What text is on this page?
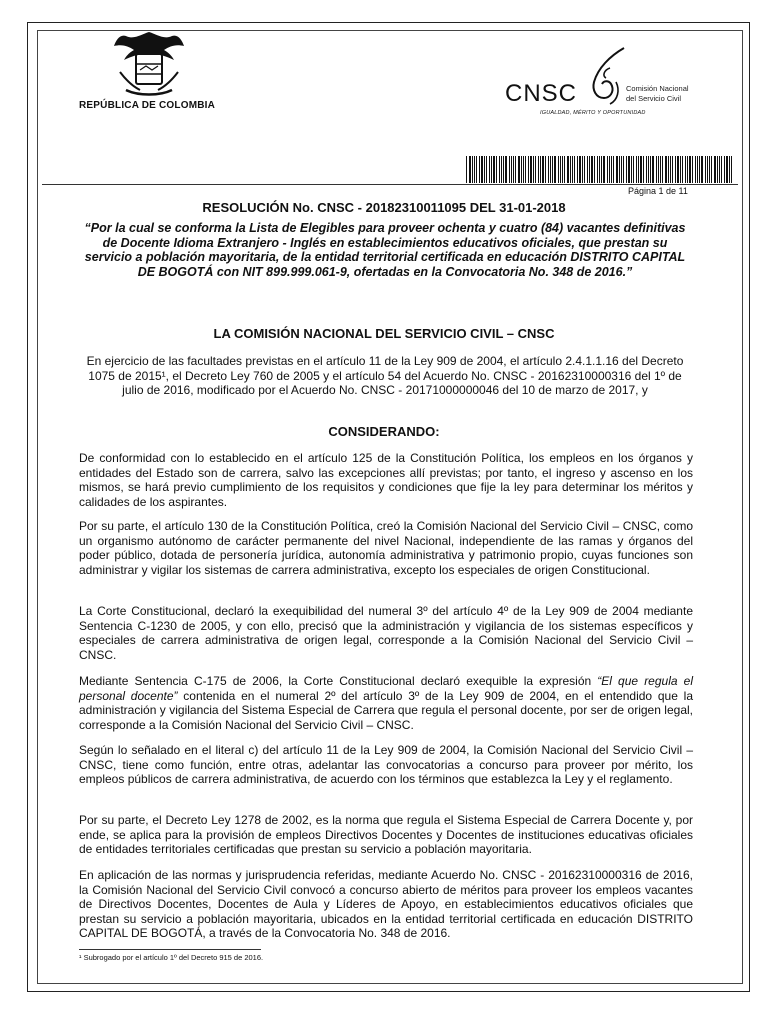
REPÚBLICA DE COLOMBIA	CNSC	Comisión Nacional
del Servicio Civil
IGUALDAD, MÉRITO Y OPORTUNIDAD
Página 1 de 11
RESOLUCIÓN No. CNSC - 20182310011095 DEL 31-01-2018
“Por la cual se conforma la Lista de Elegibles para proveer ochenta y cuatro (84) vacantes definitivas de Docente Idioma Extranjero - Inglés en establecimientos educativos oficiales, que prestan su servicio a población mayoritaria, de la entidad territorial certificada en educación DISTRITO CAPITAL DE BOGOTÁ con NIT 899.999.061-9, ofertadas en la Convocatoria No. 348 de 2016.”
LA COMISIÓN NACIONAL DEL SERVICIO CIVIL – CNSC
En ejercicio de las facultades previstas en el artículo 11 de la Ley 909 de 2004, el artículo 2.4.1.1.16 del Decreto 1075 de 2015¹, el Decreto Ley 760 de 2005 y el artículo 54 del Acuerdo No. CNSC - 20162310000316 del 1º de julio de 2016, modificado por el Acuerdo No. CNSC - 20171000000046 del 10 de marzo de 2017, y
CONSIDERANDO:
De conformidad con lo establecido en el artículo 125 de la Constitución Política, los empleos en los órganos y entidades del Estado son de carrera, salvo las excepciones allí previstas; por tanto, el ingreso y ascenso en los mismos, se hará previo cumplimiento de los requisitos y condiciones que fije la ley para determinar los méritos y calidades de los aspirantes.
Por su parte, el artículo 130 de la Constitución Política, creó la Comisión Nacional del Servicio Civil – CNSC, como un organismo autónomo de carácter permanente del nivel Nacional, independiente de las ramas y órganos del poder público, dotada de personería jurídica, autonomía administrativa y patrimonio propio, cuyas funciones son administrar y vigilar los sistemas de carrera administrativa, excepto los especiales de origen Constitucional.
La Corte Constitucional, declaró la exequibilidad del numeral 3º del artículo 4º de la Ley 909 de 2004 mediante Sentencia C-1230 de 2005, y con ello, precisó que la administración y vigilancia de los sistemas específicos y especiales de carrera administrativa de origen legal, corresponde a la Comisión Nacional del Servicio Civil – CNSC.
Mediante Sentencia C-175 de 2006, la Corte Constitucional declaró exequible la expresión “El que regula el personal docente” contenida en el numeral 2º del artículo 3º de la Ley 909 de 2004, en el entendido que la administración y vigilancia del Sistema Especial de Carrera que regula el personal docente, por ser de origen legal, corresponde a la Comisión Nacional del Servicio Civil – CNSC.
Según lo señalado en el literal c) del artículo 11 de la Ley 909 de 2004, la Comisión Nacional del Servicio Civil – CNSC, tiene como función, entre otras, adelantar las convocatorias a concurso para proveer por mérito, los empleos públicos de carrera administrativa, de acuerdo con los términos que establezca la Ley y el reglamento.
Por su parte, el Decreto Ley 1278 de 2002, es la norma que regula el Sistema Especial de Carrera Docente y, por ende, se aplica para la provisión de empleos Directivos Docentes y Docentes de instituciones educativas oficiales de entidades territoriales certificadas que prestan su servicio a población mayoritaria.
En aplicación de las normas y jurisprudencia referidas, mediante Acuerdo No. CNSC - 20162310000316 de 2016, la Comisión Nacional del Servicio Civil convocó a concurso abierto de méritos para proveer los empleos vacantes de Directivos Docentes, Docentes de Aula y Líderes de Apoyo, en establecimientos educativos oficiales que prestan su servicio a población mayoritaria, ubicados en la entidad territorial certificada en educación DISTRITO CAPITAL DE BOGOTÁ, a través de la Convocatoria No. 348 de 2016.
¹ Subrogado por el artículo 1º del Decreto 915 de 2016.
